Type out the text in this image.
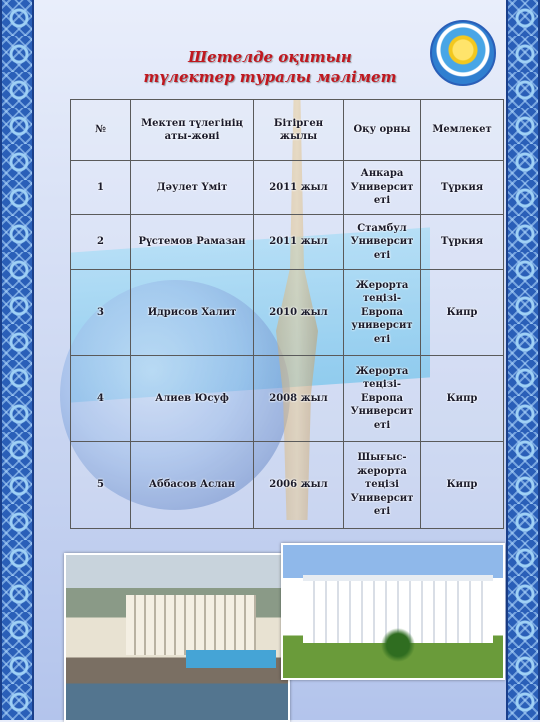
Шетелде оқитын
түлектер туралы мәлімет
№	Мектеп түлегінің аты-жөні	Бітірген жылы	Оқу орны	Мемлекет
1	Дәулет Үміт	2011 жыл	Анкара Университ еті	Түркия
2	Рүстемов Рамазан	2011 жыл	Стамбул Университ еті	Түркия
3	Идрисов Халит	2010 жыл	Жерорта теңізі- Европа университ еті	Кипр
4	Алиев Юсуф	2008 жыл	Жерорта теңізі- Европа Университ еті	Кипр
5	Аббасов Аслан	2006 жыл	Шығыс- жерорта теңізі Университ еті	Кипр
